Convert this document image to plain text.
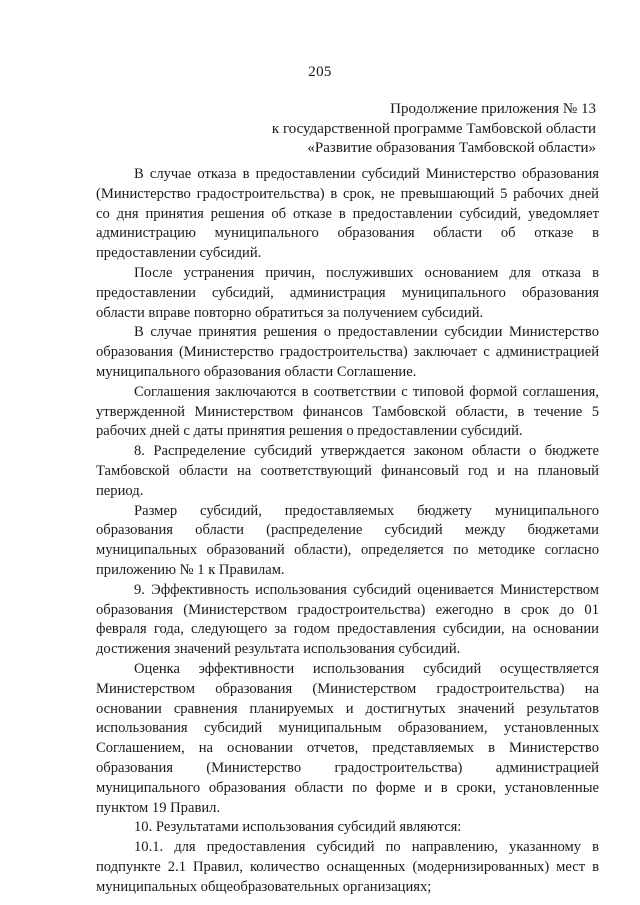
205
Продолжение приложения № 13
к государственной программе Тамбовской области
«Развитие образования Тамбовской области»

В случае отказа в предоставлении субсидий Министерство образования (Министерство градостроительства) в срок, не превышающий 5 рабочих дней со дня принятия решения об отказе в предоставлении субсидий, уведомляет администрацию муниципального образования области об отказе в предоставлении субсидий.

После устранения причин, послуживших основанием для отказа в предоставлении субсидий, администрация муниципального образования области вправе повторно обратиться за получением субсидий.

В случае принятия решения о предоставлении субсидии Министерство образования (Министерство градостроительства) заключает с администрацией муниципального образования области Соглашение.

Соглашения заключаются в соответствии с типовой формой соглашения, утвержденной Министерством финансов Тамбовской области, в течение 5 рабочих дней с даты принятия решения о предоставлении субсидий.

8. Распределение субсидий утверждается законом области о бюджете Тамбовской области на соответствующий финансовый год и на плановый период.

Размер субсидий, предоставляемых бюджету муниципального образования области (распределение субсидий между бюджетами муниципальных образований области), определяется по методике согласно приложению № 1 к Правилам.

9. Эффективность использования субсидий оценивается Министерством образования (Министерством градостроительства) ежегодно в срок до 01 февраля года, следующего за годом предоставления субсидии, на основании достижения значений результата использования субсидий.

Оценка эффективности использования субсидий осуществляется Министерством образования (Министерством градостроительства) на основании сравнения планируемых и достигнутых значений результатов использования субсидий муниципальным образованием, установленных Соглашением, на основании отчетов, представляемых в Министерство образования (Министерство градостроительства) администрацией муниципального образования области по форме и в сроки, установленные пунктом 19 Правил.

10. Результатами использования субсидий являются:

10.1. для предоставления субсидий по направлению, указанному в подпункте 2.1 Правил, количество оснащенных (модернизированных) мест в муниципальных общеобразовательных организациях;
